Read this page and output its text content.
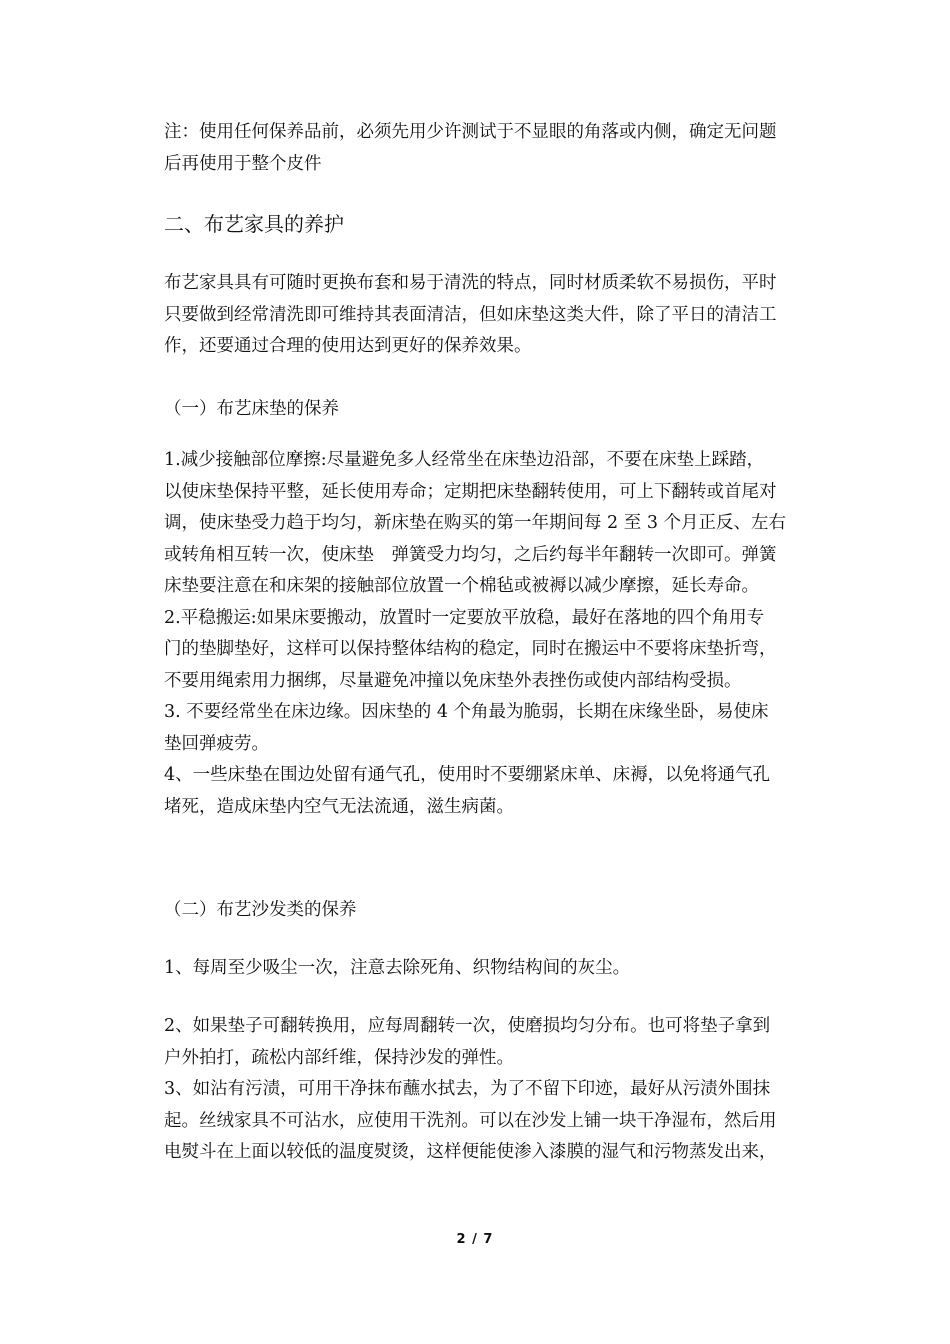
注：使用任何保养品前，必须先用少许测试于不显眼的角落或内侧，确定无问题
后再使用于整个皮件
二、布艺家具的养护
布艺家具具有可随时更换布套和易于清洗的特点，同时材质柔软不易损伤，平时
只要做到经常清洗即可维持其表面清洁，但如床垫这类大件，除了平日的清洁工
作，还要通过合理的使用达到更好的保养效果。
（一）布艺床垫的保养
1.减少接触部位摩擦:尽量避免多人经常坐在床垫边沿部，不要在床垫上踩踏，
以使床垫保持平整，延长使用寿命；定期把床垫翻转使用，可上下翻转或首尾对
调，使床垫受力趋于均匀，新床垫在购买的第一年期间每 2 至 3 个月正反、左右
或转角相互转一次，使床垫　弹簧受力均匀，之后约每半年翻转一次即可。弹簧
床垫要注意在和床架的接触部位放置一个棉毡或被褥以减少摩擦，延长寿命。
2.平稳搬运:如果床要搬动，放置时一定要放平放稳，最好在落地的四个角用专
门的垫脚垫好，这样可以保持整体结构的稳定，同时在搬运中不要将床垫折弯，
不要用绳索用力捆绑，尽量避免冲撞以免床垫外表挫伤或使内部结构受损。
3. 不要经常坐在床边缘。因床垫的 4 个角最为脆弱，长期在床缘坐卧，易使床
垫回弹疲劳。
4、一些床垫在围边处留有通气孔，使用时不要绷紧床单、床褥，以免将通气孔
堵死，造成床垫内空气无法流通，滋生病菌。
（二）布艺沙发类的保养
1、每周至少吸尘一次，注意去除死角、织物结构间的灰尘。
2、如果垫子可翻转换用，应每周翻转一次，使磨损均匀分布。也可将垫子拿到
户外拍打，疏松内部纤维，保持沙发的弹性。
3、如沾有污渍，可用干净抹布蘸水拭去，为了不留下印迹，最好从污渍外围抹
起。丝绒家具不可沾水，应使用干洗剂。可以在沙发上铺一块干净湿布，然后用
电熨斗在上面以较低的温度熨烫，这样便能使渗入漆膜的湿气和污物蒸发出来，
2 / 7
